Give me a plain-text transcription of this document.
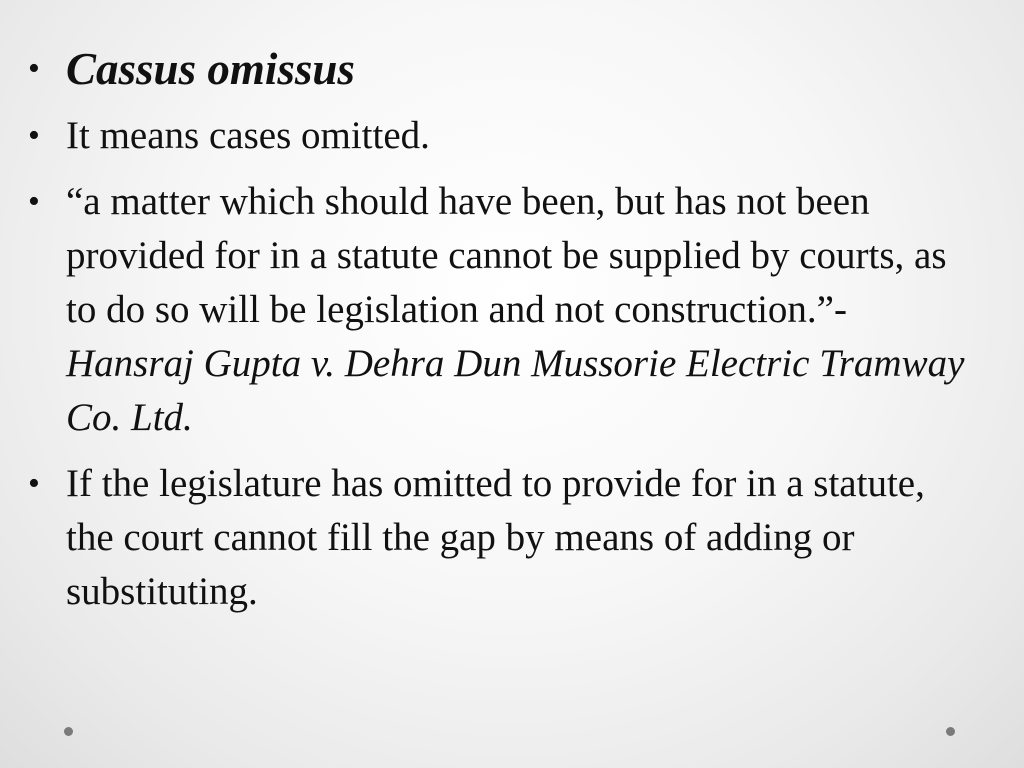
• Cassus omissus
• It means cases omitted.
• “a matter which should have been, but has not been provided for in a statute cannot be supplied by courts, as to do so will be legislation and not construction.”- Hansraj Gupta v. Dehra Dun Mussorie Electric Tramway Co. Ltd.
• If the legislature has omitted to provide for in a statute, the court cannot fill the gap by means of adding or substituting.
